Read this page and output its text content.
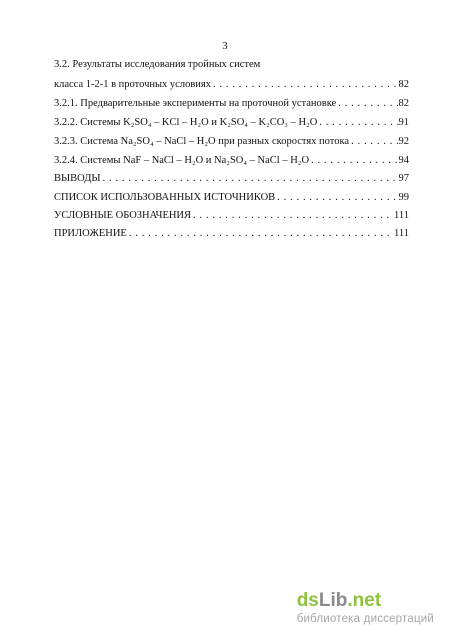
3
3.2. Результаты исследования тройных систем
класса 1-2-1 в проточных условиях . . .	82
3.2.1. Предварительные эксперименты на проточной установке . . .	82
3.2.2. Системы K₂SO₄ – KCl – H₂O и K₂SO₄ – K₂CO₃ – H₂O . . .	91
3.2.3. Система Na₂SO₄ – NaCl – H₂O при разных скоростях потока . . .	92
3.2.4. Системы NaF – NaCl – H₂O и Na₂SO₄ – NaCl – H₂O . . .	94
ВЫВОДЫ . . .	97
СПИСОК ИСПОЛЬЗОВАННЫХ ИСТОЧНИКОВ . . .	99
УСЛОВНЫЕ ОБОЗНАЧЕНИЯ . . .	111
ПРИЛОЖЕНИЕ . . .	111
ds Lib . net
библиотека диссертаций
